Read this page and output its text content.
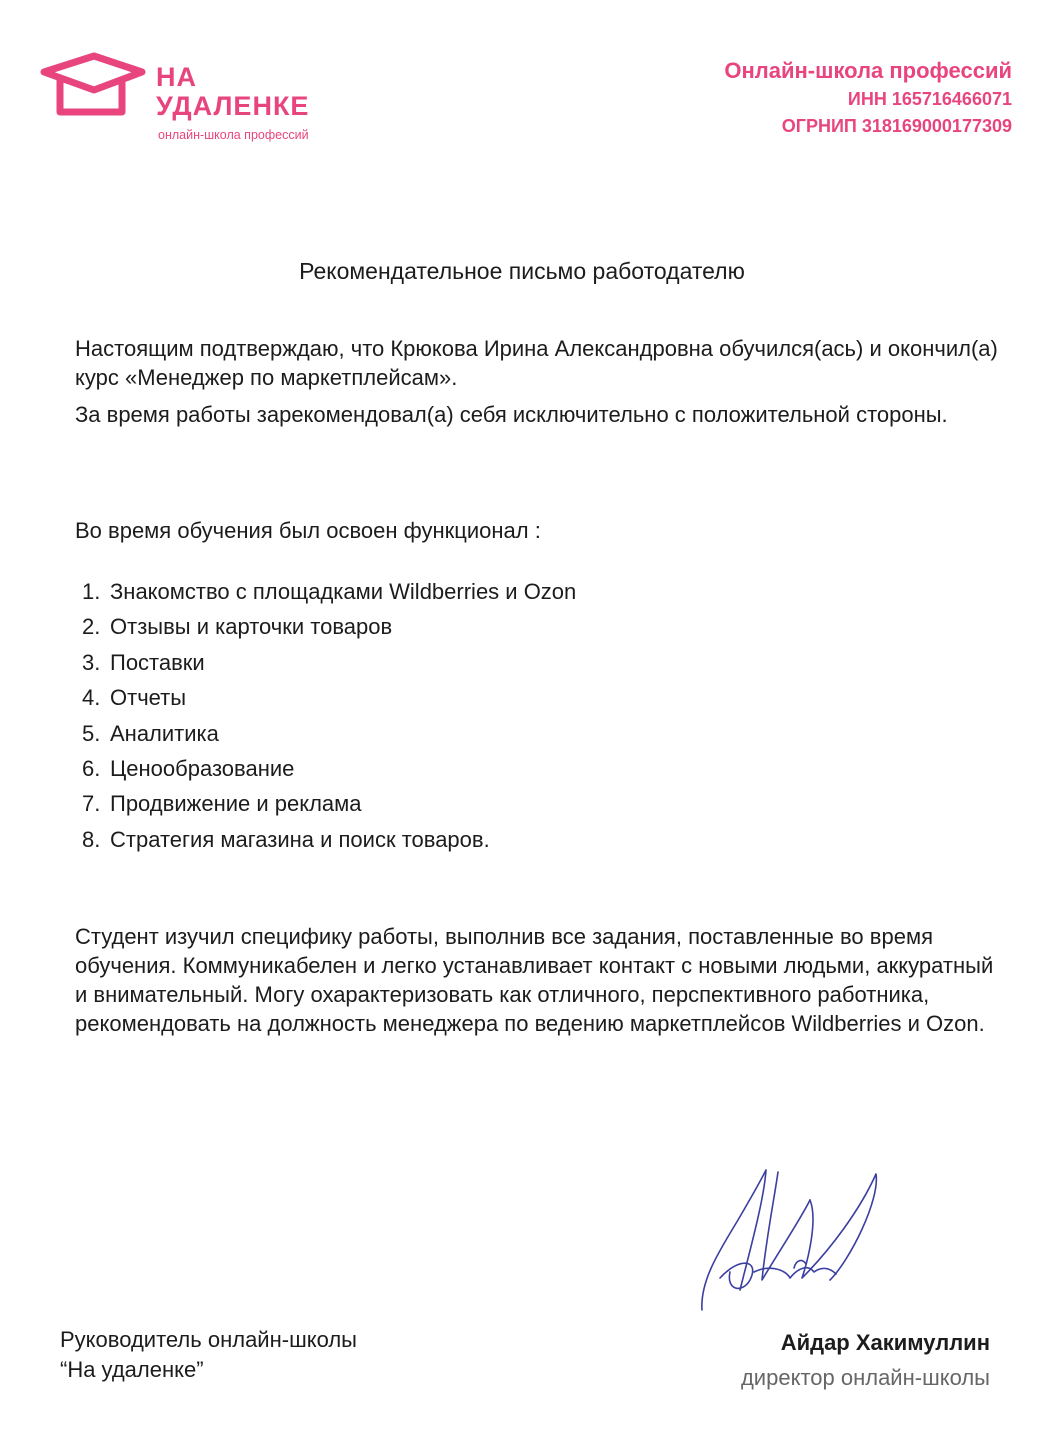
НА
УДАЛЕНКЕ
онлайн-школа профессий
Онлайн-школа профессий
ИНН 165716466071
ОГРНИП 318169000177309
Рекомендательное письмо работодателю
Настоящим подтверждаю, что Крюкова Ирина Александровна обучился(ась) и окончил(а) курс «Менеджер по маркетплейсам».
За время работы зарекомендовал(а) себя исключительно с положительной стороны.
Во время обучения был освоен функционал :
1. Знакомство с площадками Wildberries и Ozon
2. Отзывы и карточки товаров
3. Поставки
4. Отчеты
5. Аналитика
6. Ценообразование
7. Продвижение и реклама
8. Стратегия магазина и поиск товаров.
Студент изучил специфику работы, выполнив все задания, поставленные во время обучения. Коммуникабелен и легко устанавливает контакт с новыми людьми, аккуратный и внимательный. Могу охарактеризовать как отличного, перспективного работника, рекомендовать на должность менеджера по ведению маркетплейсов Wildberries и Ozon.
Руководитель онлайн-школы
“На удаленке”
Айдар Хакимуллин
директор онлайн-школы
